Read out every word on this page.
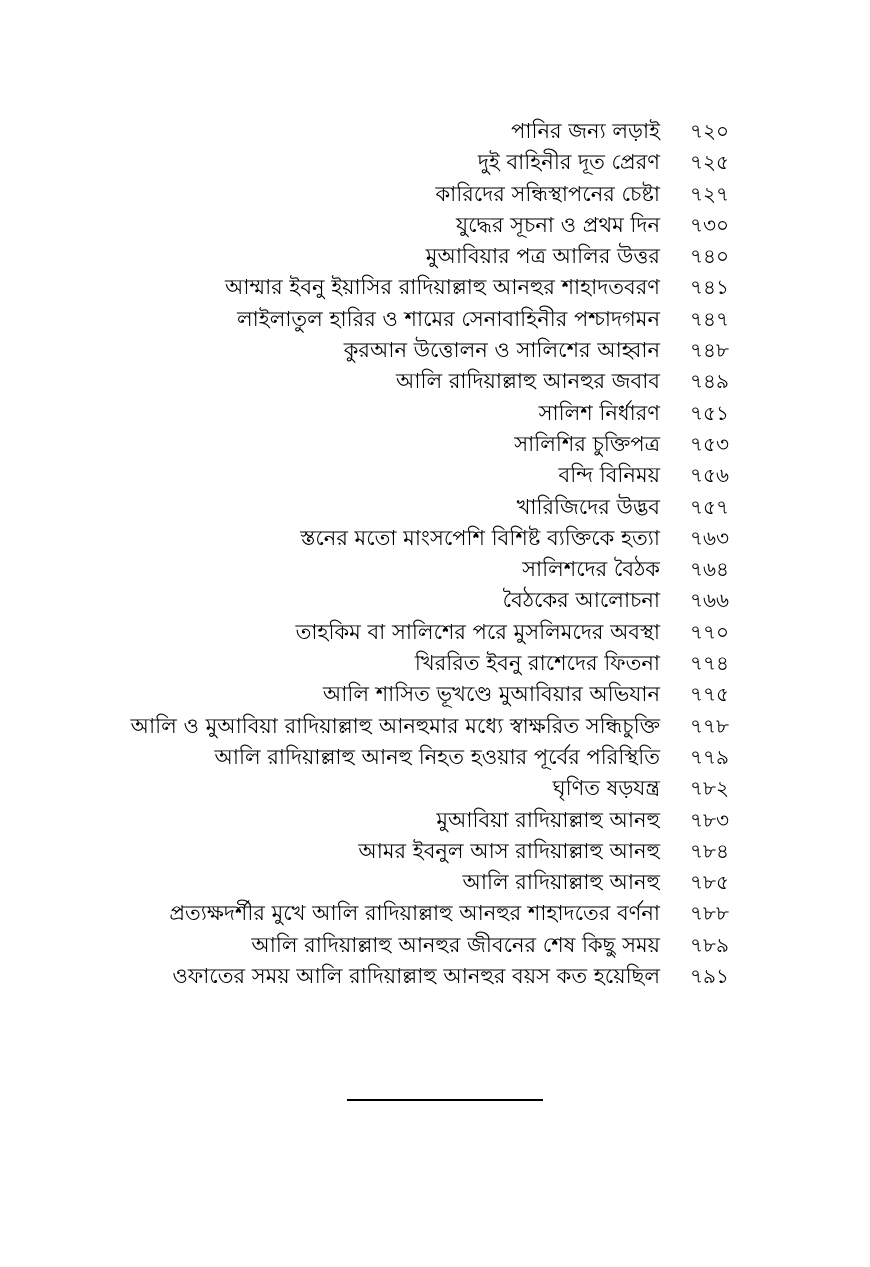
পানির জন্য লড়াই ৭২০
দুই বাহিনীর দূত প্রেরণ ৭২৫
কারিদের সন্ধিস্থাপনের চেষ্টা ৭২৭
যুদ্ধের সূচনা ও প্রথম দিন ৭৩০
মুআবিয়ার পত্র আলির উত্তর ৭৪০
আম্মার ইবনু ইয়াসির রাদিয়াল্লাহু আনহুর শাহাদতবরণ ৭৪১
লাইলাতুল হারির ও শামের সেনাবাহিনীর পশ্চাদগমন ৭৪৭
কুরআন উত্তোলন ও সালিশের আহ্বান ৭৪৮
আলি রাদিয়াল্লাহু আনহুর জবাব ৭৪৯
সালিশ নির্ধারণ ৭৫১
সালিশির চুক্তিপত্র ৭৫৩
বন্দি বিনিময় ৭৫৬
খারিজিদের উদ্ভব ৭৫৭
স্তনের মতো মাংসপেশি বিশিষ্ট ব্যক্তিকে হত্যা ৭৬৩
সালিশদের বৈঠক ৭৬৪
বৈঠকের আলোচনা ৭৬৬
তাহকিম বা সালিশের পরে মুসলিমদের অবস্থা ৭৭০
খিররিত ইবনু রাশেদের ফিতনা ৭৭৪
আলি শাসিত ভূখণ্ডে মুআবিয়ার অভিযান ৭৭৫
আলি ও মুআবিয়া রাদিয়াল্লাহু আনহুমার মধ্যে স্বাক্ষরিত সন্ধিচুক্তি ৭৭৮
আলি রাদিয়াল্লাহু আনহু নিহত হওয়ার পূর্বের পরিস্থিতি ৭৭৯
ঘৃণিত ষড়যন্ত্র ৭৮২
মুআবিয়া রাদিয়াল্লাহু আনহু ৭৮৩
আমর ইবনুল আস রাদিয়াল্লাহু আনহু ৭৮৪
আলি রাদিয়াল্লাহু আনহু ৭৮৫
প্রত্যক্ষদর্শীর মুখে আলি রাদিয়াল্লাহু আনহুর শাহাদতের বর্ণনা ৭৮৮
আলি রাদিয়াল্লাহু আনহুর জীবনের শেষ কিছু সময় ৭৮৯
ওফাতের সময় আলি রাদিয়াল্লাহু আনহুর বয়স কত হয়েছিল ৭৯১
